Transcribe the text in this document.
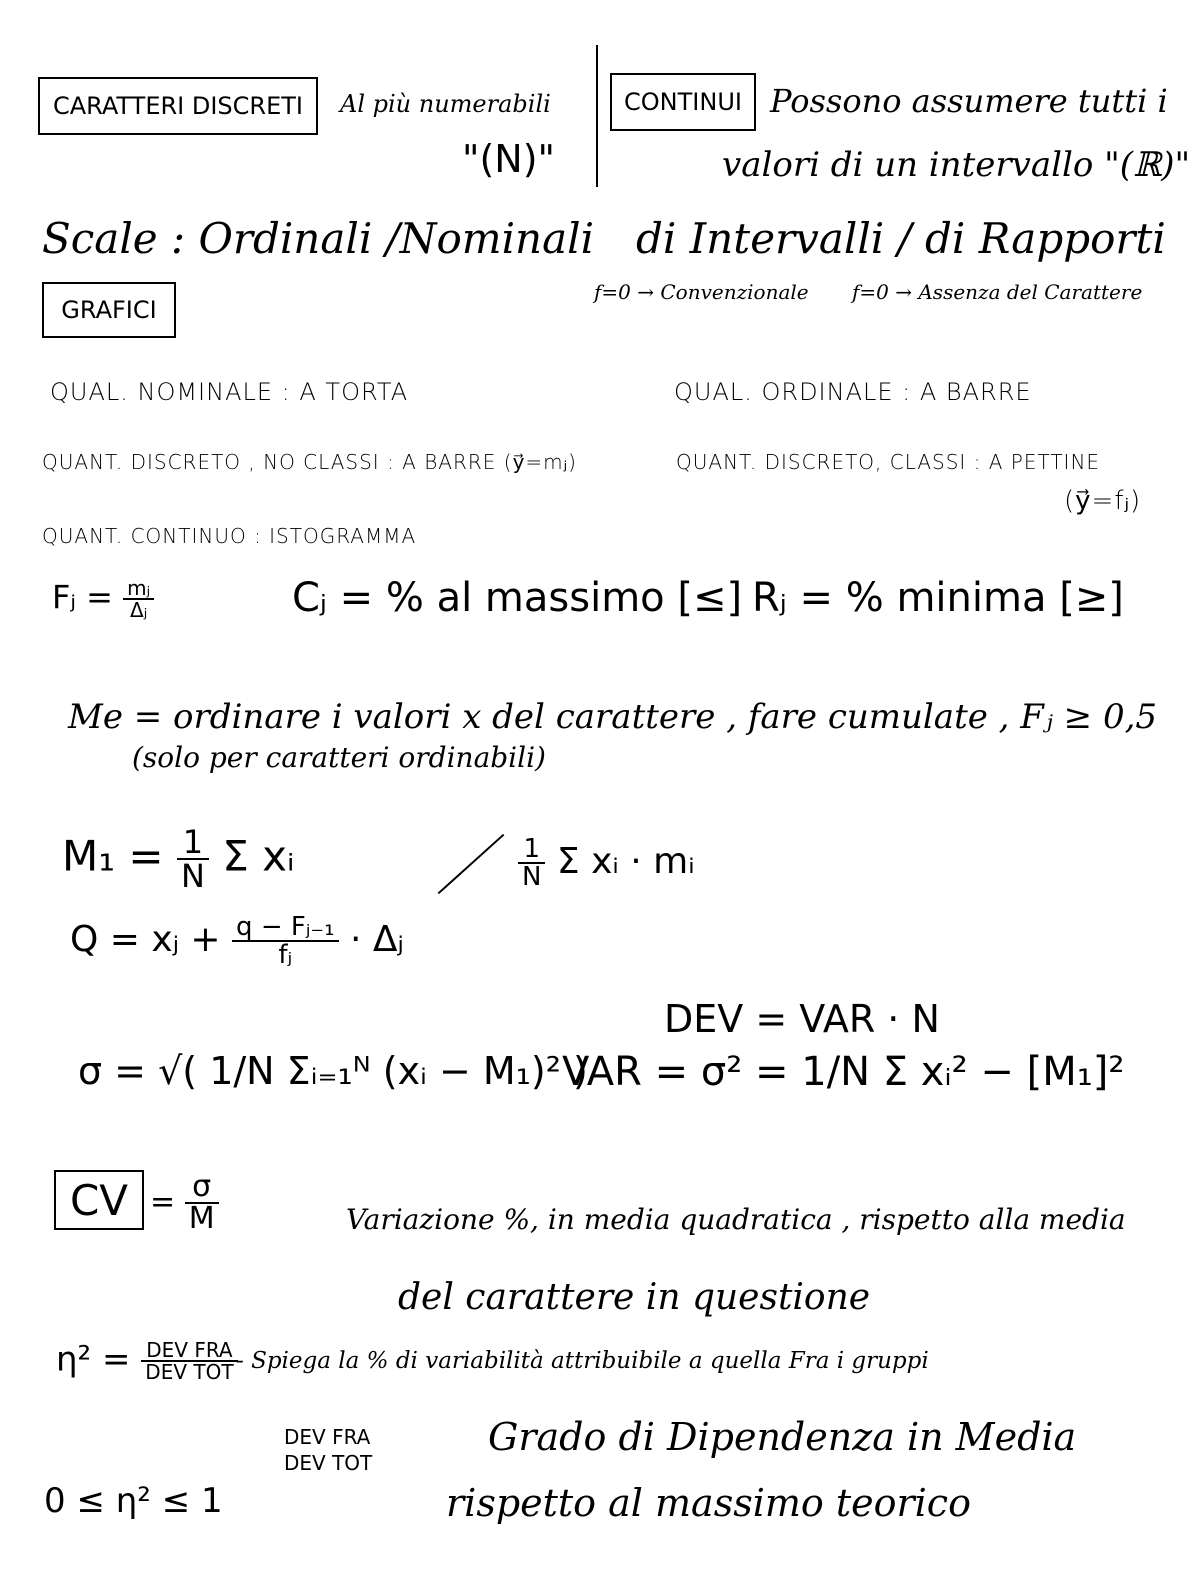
CARATTERI DISCRETI	Al più numerabili
"(N)"
CONTINUI Possono assumere tutti i
valori di un intervallo "(ℝ)"
Scale : Ordinali /Nominali di Intervalli / di Rapporti
f=0 → Convenzionale f=0 → Assenza del Carattere
GRAFICI
QUAL. NOMINALE : A TORTA	QUAL. ORDINALE : A BARRE
QUANT. DISCRETO , NO CLASSI : A BARRE (y⃗=mⱼ)	QUANT. DISCRETO, CLASSI : A PETTINE
(y⃗=fⱼ)
QUANT. CONTINUO : ISTOGRAMMA
Fⱼ = $\frac{\text{mⱼ}}{\text{Δⱼ}}$	Cⱼ = % al massimo [≤] Rⱼ = % minima [≥]
Me = ordinare i valori x del carattere , fare cumulate , Fⱼ ≥ 0,5
(solo per caratteri ordinabili)
$M_1 = \frac{1}{N}$ Σ xᵢ	$\frac{1}{N}$ Σ xᵢ · mᵢ
Q = xⱼ + $\frac{\text{q − Fⱼ₋₁}}{\text{fⱼ}}$ · Δⱼ
DEV = VAR · N
σ = √( 1/N Σᵢ₌₁ᴺ (xᵢ − M₁)² )
VAR = σ² = 1/N Σ xᵢ² − [M₁]²
CV = $\frac{\sigma}{M}$	Variazione %, in media quadratica , rispetto alla media
del carattere in questione
$\eta^2 = \frac{\text{DEV FRA}}{\text{DEV TOT}}$
- Spiega la % di variabilità attribuibile a quella Fra i gruppi
DEV FRA
DEV TOT
Grado di Dipendenza in Media
0 ≤ η² ≤ 1	rispetto al massimo teorico
